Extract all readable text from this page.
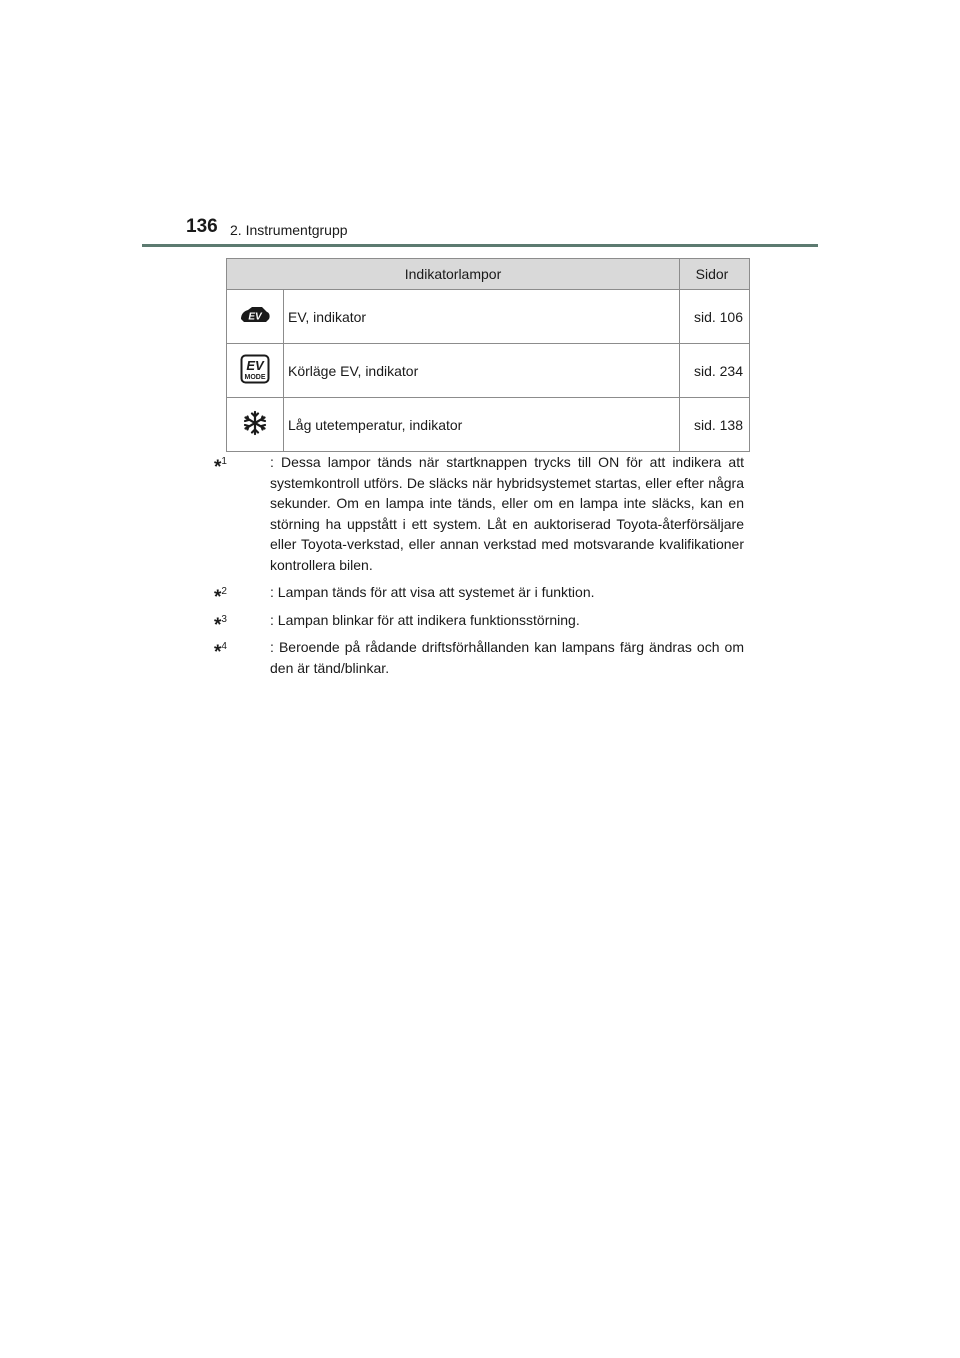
136 2. Instrumentgrupp
Indikatorlampor		Sidor

EV	EV, indikator	sid. 106

EV
MODE	Körläge EV, indikator	sid. 234
	Låg utetemperatur, indikator	sid. 138
*$^1$	: Dessa lampor tänds när startknappen trycks till ON för att indikera att systemkontroll utförs. De släcks när hybridsystemet startas, eller efter några sekunder. Om en lampa inte tänds, eller om en lampa inte släcks, kan en störning ha uppstått i ett system. Låt en auktoriserad Toyota-återförsäljare eller Toyota-verkstad, eller annan verkstad med motsvarande kvalifikationer kontrollera bilen.
*$^2$	: Lampan tänds för att visa att systemet är i funktion.
*$^3$	: Lampan blinkar för att indikera funktionsstörning.
*$^4$	: Beroende på rådande driftsförhållanden kan lampans färg ändras och om den är tänd/blinkar.
